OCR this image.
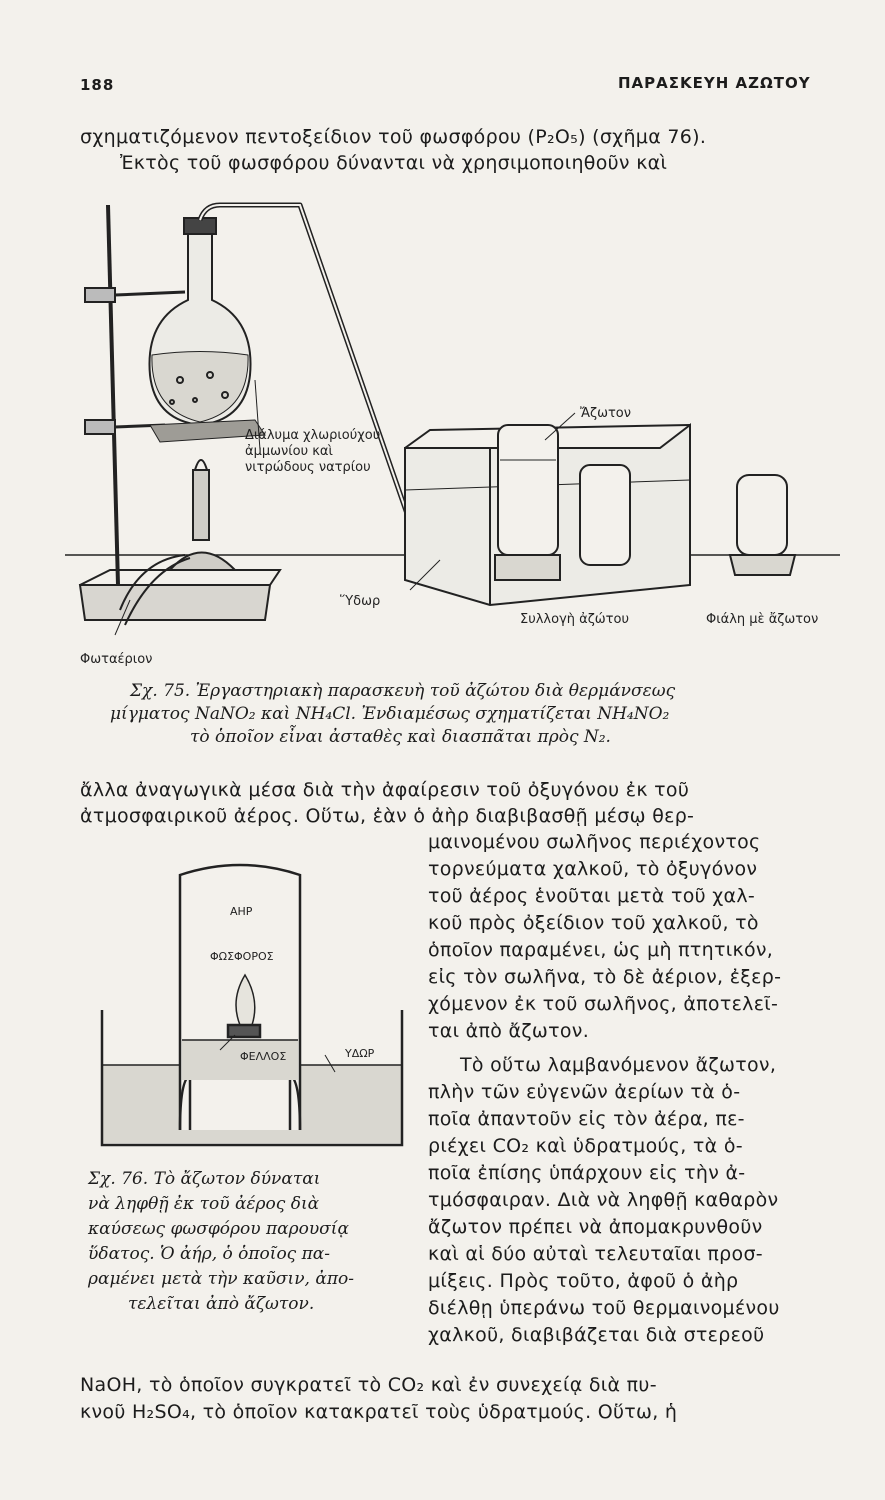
188	ΠΑΡΑΣΚΕΥΗ ΑΖΩΤΟΥ
σχηματιζόμενον πεντοξείδιον τοῦ φωσφόρου (P₂O₅) (σχῆμα 76).
Ἐκτὸς τοῦ φωσφόρου δύνανται νὰ χρησιμοποιηθοῦν καὶ
Διάλυμα χλωριούχου
ἀμμωνίου καὶ
νιτρώδους νατρίου
Ἄζωτον
Ὕδωρ
Συλλογὴ ἀζώτου	Φιάλη μὲ ἄζωτον
Φωταέριον
Σχ. 75. Ἐργαστηριακὴ παρασκευὴ τοῦ ἀζώτου διὰ θερμάνσεως
μίγματος NaNO₂ καὶ NH₄Cl. Ἐνδιαμέσως σχηματίζεται NH₄NO₂
τὸ ὁποῖον εἶναι ἀσταθὲς καὶ διασπᾶται πρὸς N₂.
ἄλλα ἀναγωγικὰ μέσα διὰ τὴν ἀφαίρεσιν τοῦ ὀξυγόνου ἐκ τοῦ
ἀτμοσφαιρικοῦ ἀέρος. Οὕτω, ἐὰν ὁ ἀὴρ διαβιβασθῇ μέσῳ θερ-
ΑΗΡ
ΦΩΣΦΟΡΟΣ
ΦΕΛΛΟΣ	ΥΔΩΡ
Σχ. 76. Τὸ ἄζωτον δύναται
νὰ ληφθῇ ἐκ τοῦ ἀέρος διὰ
καύσεως φωσφόρου παρουσίᾳ
ὕδατος. Ὁ ἀήρ, ὁ ὁποῖος πα-
ραμένει μετὰ τὴν καῦσιν, ἀπο-
τελεῖται ἀπὸ ἄζωτον.
μαινομένου σωλῆνος περιέχοντος
τορνεύματα χαλκοῦ, τὸ ὀξυγόνον
τοῦ ἀέρος ἑνοῦται μετὰ τοῦ χαλ-
κοῦ πρὸς ὀξείδιον τοῦ χαλκοῦ, τὸ
ὁποῖον παραμένει, ὡς μὴ πτητικόν,
εἰς τὸν σωλῆνα, τὸ δὲ ἀέριον, ἐξερ-
χόμενον ἐκ τοῦ σωλῆνος, ἀποτελεῖ-
ται ἀπὸ ἄζωτον.
Τὸ οὕτω λαμβανόμενον ἄζωτον,
πλὴν τῶν εὐγενῶν ἀερίων τὰ ὁ-
ποῖα ἀπαντοῦν εἰς τὸν ἀέρα, πε-
ριέχει CO₂ καὶ ὑδρατμούς, τὰ ὁ-
ποῖα ἐπίσης ὑπάρχουν εἰς τὴν ἀ-
τμόσφαιραν. Διὰ νὰ ληφθῇ καθαρὸν
ἄζωτον πρέπει νὰ ἀπομακρυνθοῦν
καὶ αἱ δύο αὐταὶ τελευταῖαι προσ-
μίξεις. Πρὸς τοῦτο, ἀφοῦ ὁ ἀὴρ
διέλθῃ ὑπεράνω τοῦ θερμαινομένου
χαλκοῦ, διαβιβάζεται διὰ στερεοῦ
NaOH, τὸ ὁποῖον συγκρατεῖ τὸ CO₂ καὶ ἐν συνεχείᾳ διὰ πυ-
κνοῦ H₂SO₄, τὸ ὁποῖον κατακρατεῖ τοὺς ὑδρατμούς. Οὕτω, ἡ
